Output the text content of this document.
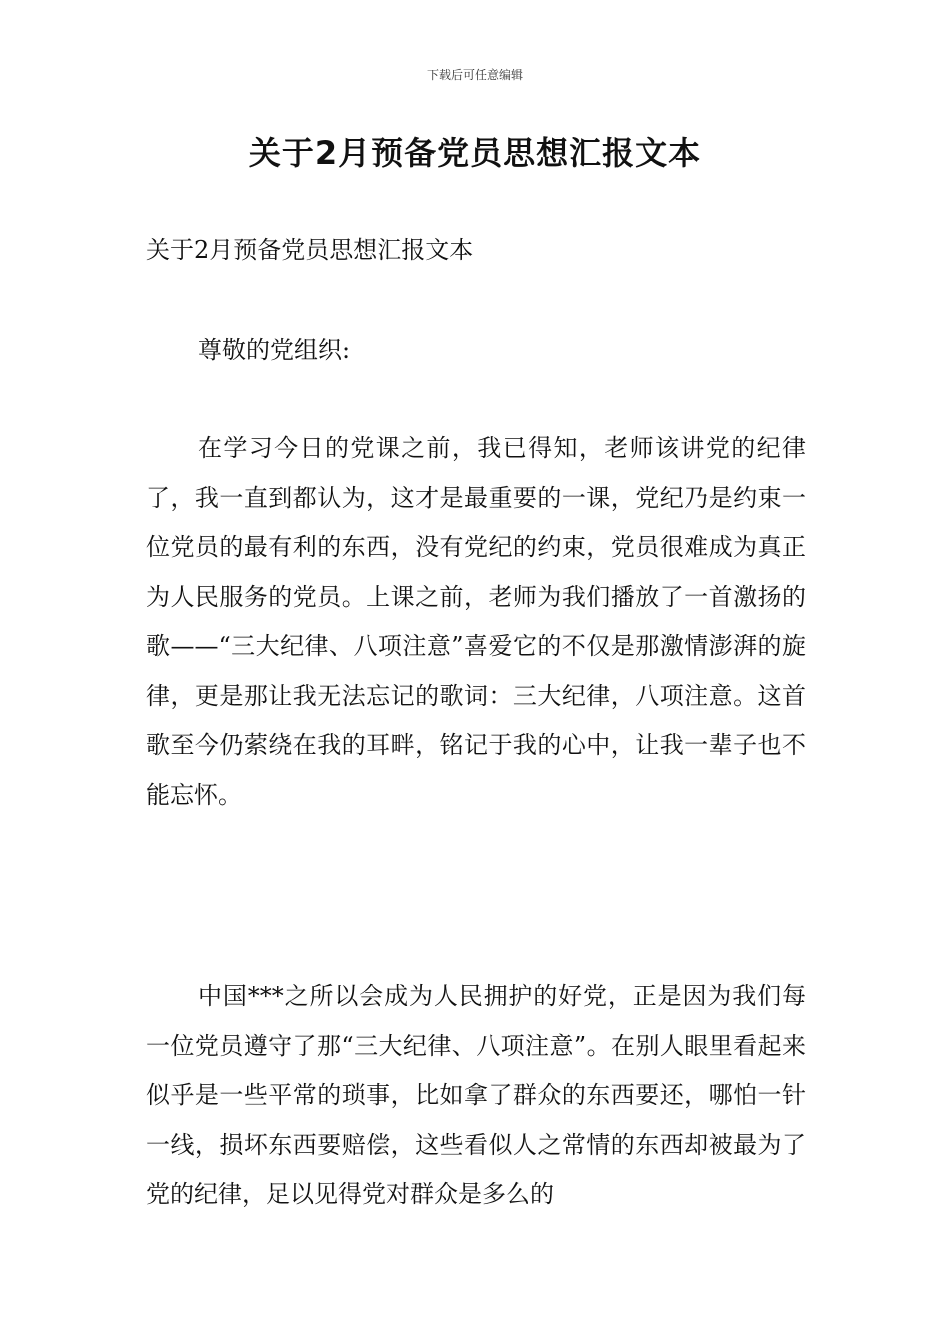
下载后可任意编辑
关于2月预备党员思想汇报文本

关于2月预备党员思想汇报文本

尊敬的党组织:

在学习今日的党课之前，我已得知，老师该讲党的纪律了，我一直到都认为，这才是最重要的一课，党纪乃是约束一位党员的最有利的东西，没有党纪的约束，党员很难成为真正为人民服务的党员。上课之前，老师为我们播放了一首激扬的歌——“三大纪律、八项注意”喜爱它的不仅是那激情澎湃的旋律，更是那让我无法忘记的歌词：三大纪律，八项注意。这首歌至今仍萦绕在我的耳畔，铭记于我的心中，让我一辈子也不能忘怀。

中国***之所以会成为人民拥护的好党，正是因为我们每一位党员遵守了那“三大纪律、八项注意”。在别人眼里看起来似乎是一些平常的琐事，比如拿了群众的东西要还，哪怕一针一线，损坏东西要赔偿，这些看似人之常情的东西却被最为了党的纪律，足以见得党对群众是多么的
